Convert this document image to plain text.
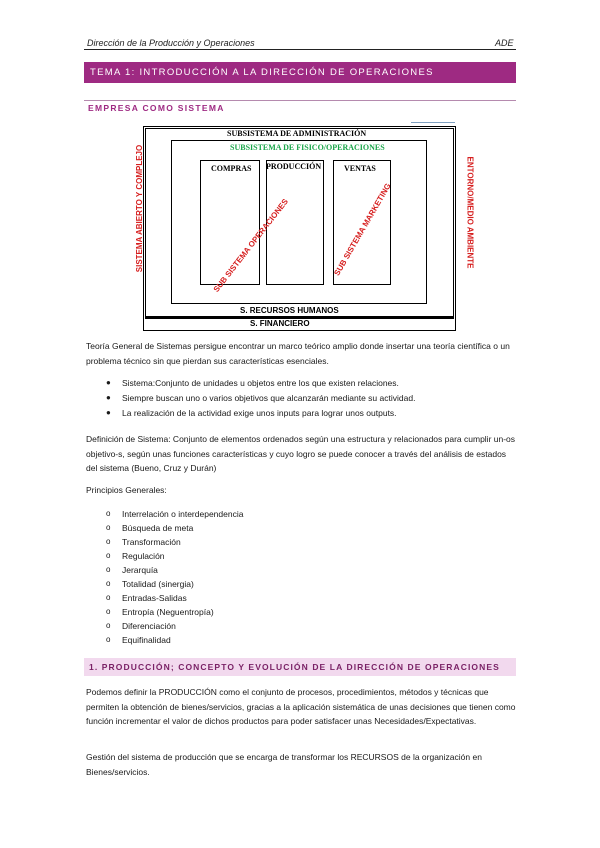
Dirección de la Producción y Operaciones	ADE
TEMA 1: INTRODUCCIÓN A LA DIRECCIÓN DE OPERACIONES
EMPRESA COMO SISTEMA
SUBSISTEMA DE ADMINISTRACIÓN
SUBSISTEMA DE FISICO/OPERACIONES
COMPRAS PRODUCCIÓN	VENTAS
S. RECURSOS HUMANOS
S. FINANCIERO
SUB SISTEMA OPERACIONES	SUB SISTEMA MARKETING
SISTEMA ABIERTO Y COMPLEJO	ENTORNO/MEDIO AMBIENTE
Teoría General de Sistemas persigue encontrar un marco teórico amplio donde insertar una teoría científica o un problema técnico sin que pierdan sus características esenciales.
● Sistema:Conjunto de unidades u objetos entre los que existen relaciones.
● Siempre buscan uno o varios objetivos que alcanzarán mediante su actividad.
● La realización de la actividad exige unos inputs para lograr unos outputs.
Definición de Sistema: Conjunto de elementos ordenados según una estructura y relacionados para cumplir un-os objetivo-s, según unas funciones características y cuyo logro se puede conocer a través del análisis de estados del sistema (Bueno, Cruz y Durán)
Principios Generales:
o Interrelación o interdependencia
o Búsqueda de meta
o Transformación
o Regulación
o Jerarquía
o Totalidad (sinergia)
o Entradas-Salidas
o Entropía (Neguentropía)
o Diferenciación
o Equifinalidad
1. PRODUCCIÓN; CONCEPTO Y EVOLUCIÓN DE LA DIRECCIÓN DE OPERACIONES
Podemos definir la PRODUCCIÓN como el conjunto de procesos, procedimientos, métodos y técnicas que permiten la obtención de bienes/servicios, gracias a la aplicación sistemática de unas decisiones que tienen como función incrementar el valor de dichos productos para poder satisfacer unas Necesidades/Expectativas.
Gestión del sistema de producción que se encarga de transformar los RECURSOS de la organización en Bienes/servicios.
